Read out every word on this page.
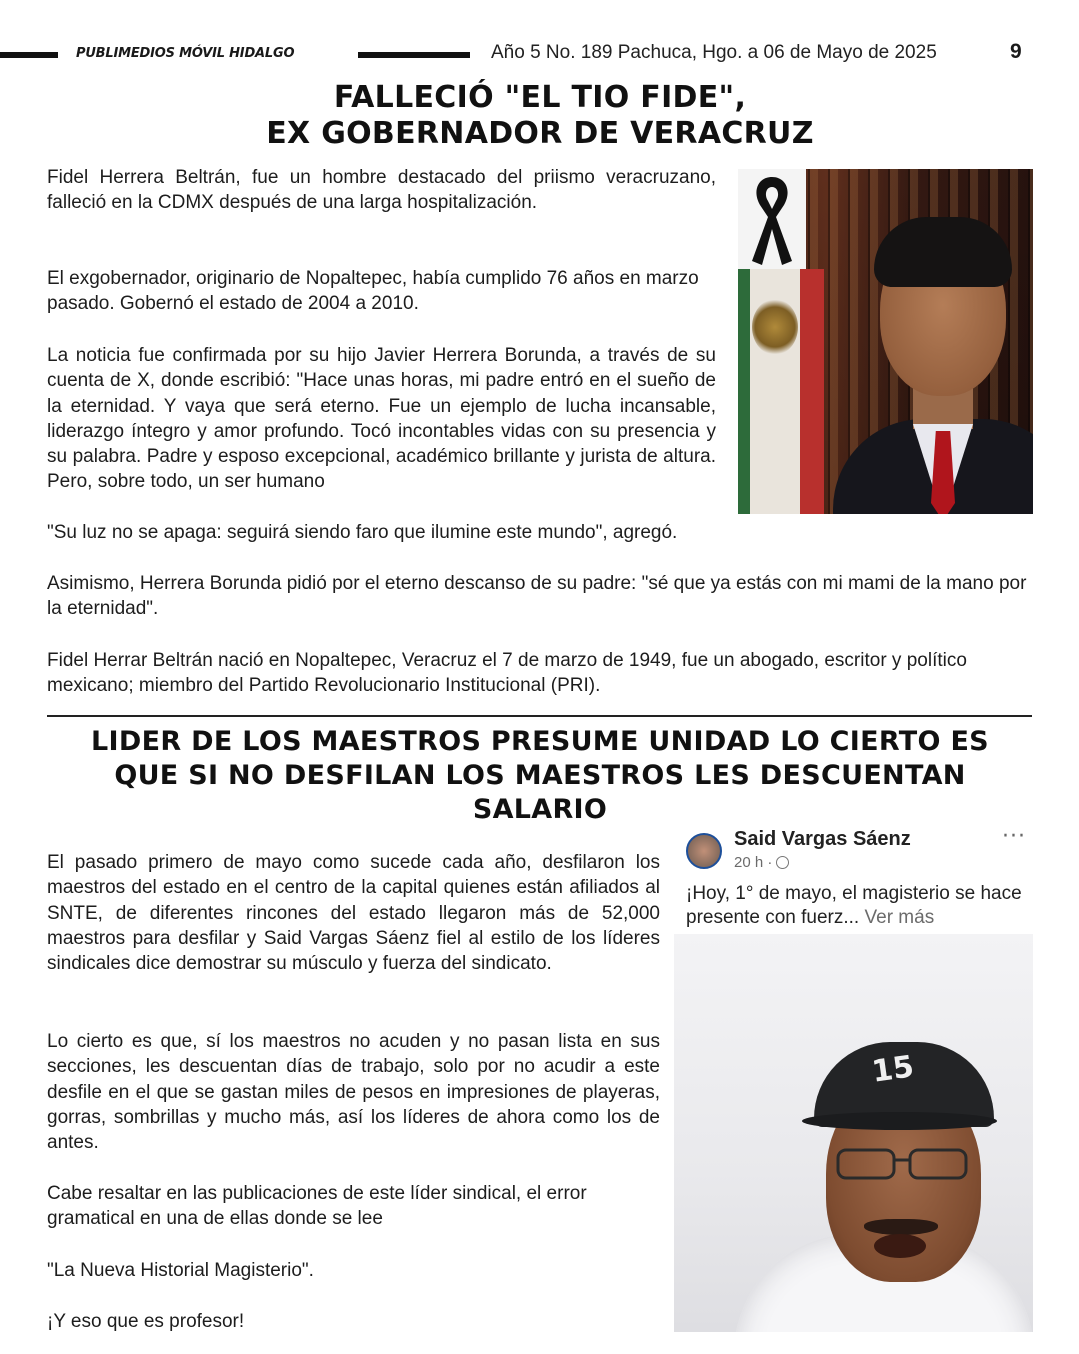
PUBLIMEDIOS MÓVIL HIDALGO	Año 5 No. 189 Pachuca, Hgo. a 06 de Mayo de 2025	9
FALLECIÓ "EL TIO FIDE",
EX GOBERNADOR DE VERACRUZ

Fidel Herrera Beltrán, fue un hombre destacado del priismo veracruzano, falleció en la CDMX después de una larga hospitalización.

El exgobernador, originario de Nopaltepec, había cumplido 76 años en marzo pasado. Gobernó el estado de 2004 a 2010.

La noticia fue confirmada por su hijo Javier Herrera Borunda, a través de su cuenta de X, donde escribió: "Hace unas horas, mi padre entró en el sueño de la eternidad. Y vaya que será eterno. Fue un ejemplo de lucha incansable, liderazgo íntegro y amor profundo. Tocó incontables vidas con su presencia y su palabra. Padre y esposo excepcional, académico brillante y jurista de altura. Pero, sobre todo, un ser humano

"Su luz no se apaga: seguirá siendo faro que ilumine este mundo", agregó.

Asimismo, Herrera Borunda pidió por el eterno descanso de su padre: "sé que ya estás con mi mami de la mano por la eternidad".

Fidel Herrar Beltrán nació en Nopaltepec, Veracruz el 7 de marzo de 1949, fue un abogado, escritor y político mexicano; miembro del Partido Revolucionario Institucional (PRI).

LIDER DE LOS MAESTROS PRESUME UNIDAD LO CIERTO ES
QUE SI NO DESFILAN LOS MAESTROS LES DESCUENTAN
SALARIO

El pasado primero de mayo como sucede cada año, desfilaron los maestros del estado en el centro de la capital quienes están afiliados al SNTE, de diferentes rincones del estado llegaron más de 52,000 maestros para desfilar y Said Vargas Sáenz fiel al estilo de los líderes sindicales dice demostrar su músculo y fuerza del sindicato.

Lo cierto es que, sí los maestros no acuden y no pasan lista en sus secciones, les descuentan días de trabajo, solo por no acudir a este desfile en el que se gastan miles de pesos en impresiones de playeras, gorras, sombrillas y mucho más, así los líderes de ahora como los de antes.

Cabe resaltar en las publicaciones de este líder sindical, el error gramatical en una de ellas donde se lee

"La Nueva Historial Magisterio".

¡Y eso que es profesor!

Said Vargas Sáenz
20 h ·
···
¡Hoy, 1° de mayo, el magisterio se hace presente con fuerz... Ver más
15
